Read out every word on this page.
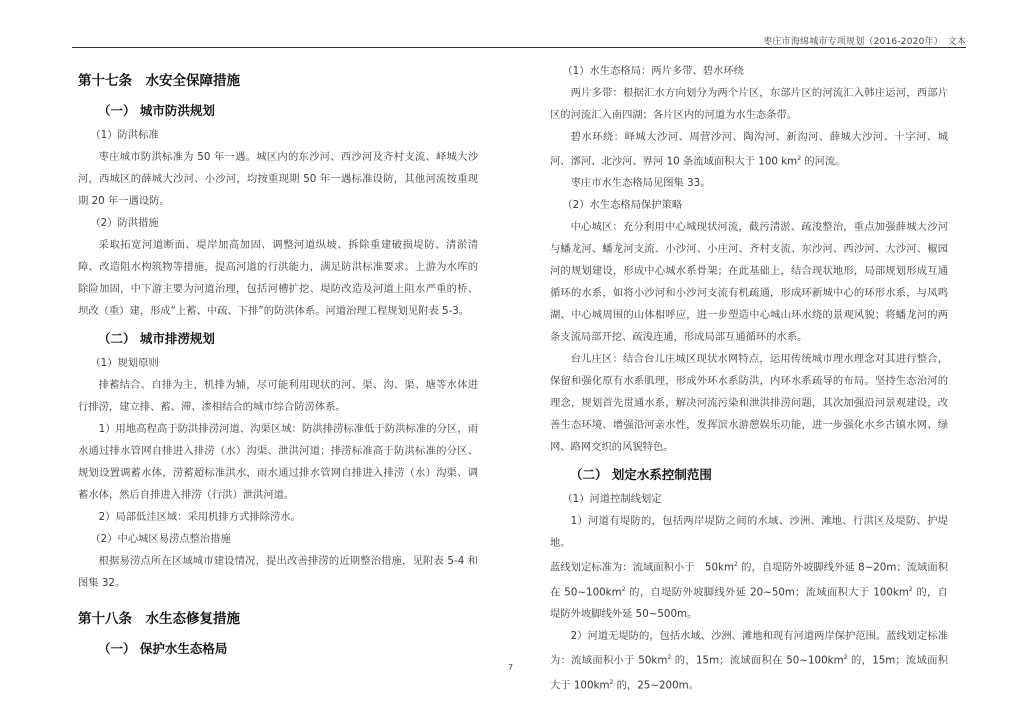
枣庄市海绵城市专项规划（2016-2020年）　文本
第十七条　水安全保障措施
（一） 城市防洪规划

（1）防洪标准

枣庄城市防洪标准为 50 年一遇。城区内的东沙河、西沙河及齐村支流、峄城大沙河，西城区的薛城大沙河、小沙河，均按重现期 50 年一遇标准设防，其他河流按重现期 20 年一遇设防。

（2）防洪措施

采取拓宽河道断面、堤岸加高加固、调整河道纵坡、拆除重建破损堤防、清淤清障、改造阻水构筑物等措施，提高河道的行洪能力，满足防洪标准要求。上游为水库的除险加固，中下游主要为河道治理，包括河槽扩挖、堤防改造及河道上阻水严重的桥、坝改（重）建，形成“上蓄、中疏、下排”的防洪体系。河道治理工程规划见附表 5-3。

（二） 城市排涝规划

（1）规划原则

排蓄结合、自排为主，机排为辅，尽可能利用现状的河、渠、沟、渠、塘等水体进行排涝，建立排、蓄、滞、渗相结合的城市综合防涝体系。

1）用地高程高于防洪排涝河道、沟渠区域：防洪排涝标准低于防洪标准的分区，雨水通过排水管网自排进入排涝（水）沟渠、泄洪河道；排涝标准高于防洪标准的分区、规划设置调蓄水体，涝蓄超标准洪水，雨水通过排水管网自排进入排涝（水）沟渠、调蓄水体，然后自排进入排涝（行洪）泄洪河道。

2）局部低洼区域：采用机排方式排除涝水。

（2）中心城区易涝点整治措施

根据易涝点所在区域城市建设情况，提出改善排涝的近期整治措施，见附表 5-4 和图集 32。

第十八条　水生态修复措施
（一） 保护水生态格局

（1）水生态格局：两片多带、碧水环绕

两片多带：根据汇水方向划分为两个片区，东部片区的河流汇入韩庄运河，西部片区的河流汇入南四湖；各片区内的河道为水生态条带。

碧水环绕：峄城大沙河、周营沙河、陶沟河、新沟河、薛城大沙河、十字河、城河、漷河、北沙河、界河 10 条流域面积大于 100 $km^2$ 的河流。

枣庄市水生态格局见图集 33。

（2）水生态格局保护策略

中心城区：充分利用中心城现状河流，截污清淤、疏浚整治，重点加强薛城大沙河与蟠龙河、蟠龙河支流、小沙河、小庄河、齐村支流、东沙河、西沙河、大沙河、椒园河的规划建设，形成中心城水系骨架；在此基础上，结合现状地形，局部规划形成互通循环的水系，如将小沙河和小沙河支流有机疏通，形成环新城中心的环形水系，与凤鸣湖、中心城周围的山体相呼应，进一步塑造中心城山环水绕的景观风貌；将蟠龙河的两条支流局部开挖、疏浚连通，形成局部互通循环的水系。

台儿庄区：结合台儿庄城区现状水网特点，运用传统城市理水理念对其进行整合，保留和强化原有水系肌理，形成外环水系防洪，内环水系疏导的布局。坚持生态治河的理念，规划首先贯通水系，解决河流污染和泄洪排涝问题，其次加强沿河景观建设，改善生态环境、增强沿河亲水性，发挥滨水游憩娱乐功能，进一步强化水乡古镇水网、绿网、路网交织的风貌特色。

（二） 划定水系控制范围

（1）河道控制线划定

1）河道有堤防的，包括两岸堤防之间的水域、沙洲、滩地、行洪区及堤防、护堤地。

蓝线划定标准为：流域面积小于　$50km^2$ 的，自堤防外坡脚线外延 8~20m；流域面积在 $50\sim 100km^2$ 的，自堤防外坡脚线外延 20~50m；流域面积大于 $100km^2$ 的，自堤防外坡脚线外延 50~500m。

2）河道无堤防的，包括水域、沙洲、滩地和现有河道两岸保护范围。蓝线划定标准为：流域面积小于 $50km^2$ 的，15m；流域面积在 $50\sim 100km^2$ 的，15m；流域面积大于 $100km^2$ 的，25~200m。

7
